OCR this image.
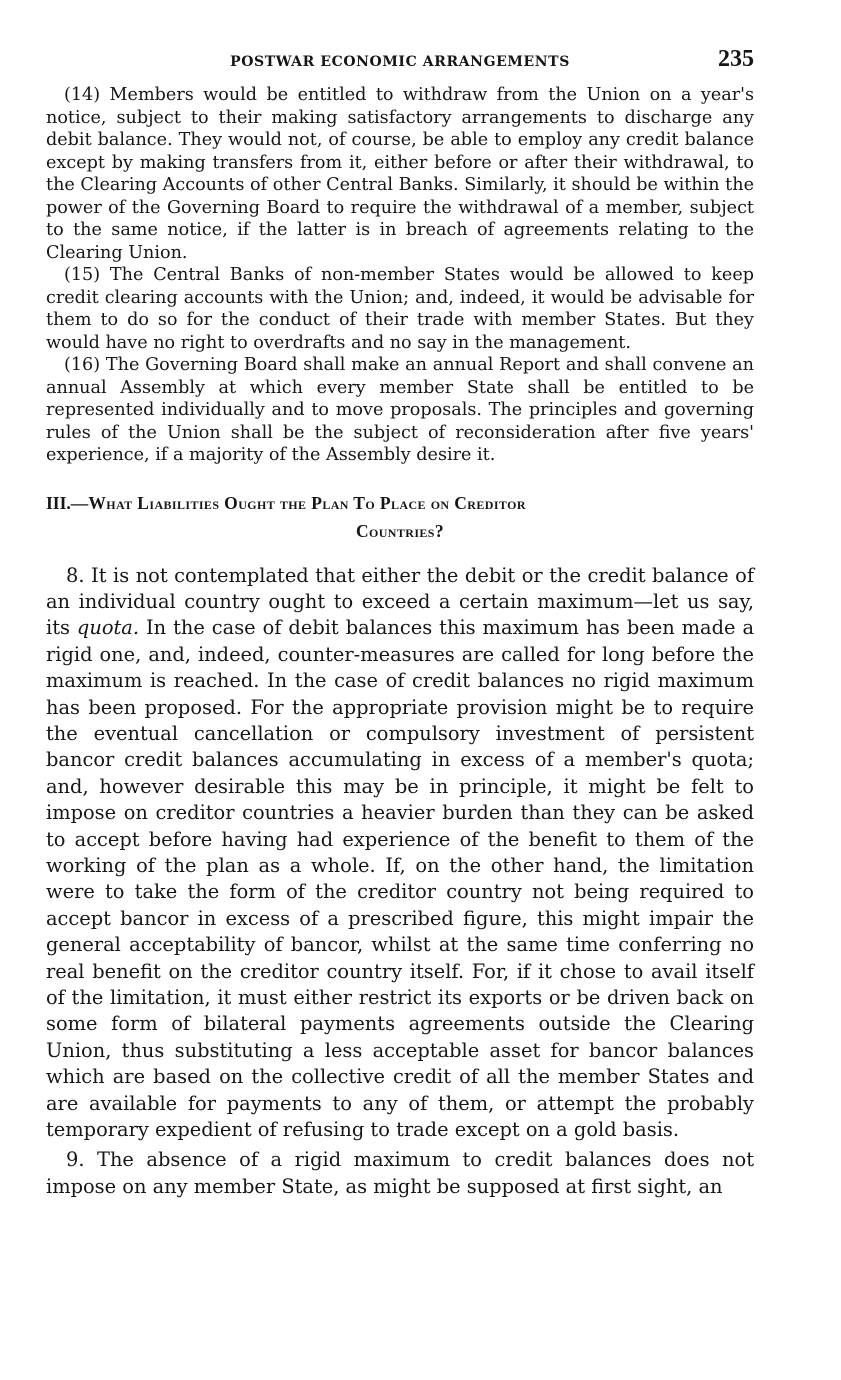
POSTWAR ECONOMIC ARRANGEMENTS	235

(14) Members would be entitled to withdraw from the Union on a year's notice, subject to their making satisfactory arrangements to discharge any debit balance. They would not, of course, be able to employ any credit balance except by making transfers from it, either before or after their withdrawal, to the Clearing Accounts of other Central Banks. Similarly, it should be within the power of the Governing Board to require the withdrawal of a member, subject to the same notice, if the latter is in breach of agreements relating to the Clearing Union.

(15) The Central Banks of non-member States would be allowed to keep credit clearing accounts with the Union; and, indeed, it would be advisable for them to do so for the conduct of their trade with member States. But they would have no right to overdrafts and no say in the management.

(16) The Governing Board shall make an annual Report and shall convene an annual Assembly at which every member State shall be entitled to be represented individually and to move proposals. The principles and governing rules of the Union shall be the subject of reconsideration after five years' experience, if a majority of the Assembly desire it.

III.—What Liabilities Ought the Plan To Place on Creditor
Countries?

8. It is not contemplated that either the debit or the credit balance of an individual country ought to exceed a certain maximum—let us say, its quota. In the case of debit balances this maximum has been made a rigid one, and, indeed, counter-measures are called for long before the maximum is reached. In the case of credit balances no rigid maximum has been proposed. For the appropriate provision might be to require the eventual cancellation or compulsory investment of persistent bancor credit balances accumulating in excess of a member's quota; and, however desirable this may be in principle, it might be felt to impose on creditor countries a heavier burden than they can be asked to accept before having had experience of the benefit to them of the working of the plan as a whole. If, on the other hand, the limitation were to take the form of the creditor country not being required to accept bancor in excess of a prescribed figure, this might impair the general acceptability of bancor, whilst at the same time conferring no real benefit on the creditor country itself. For, if it chose to avail itself of the limitation, it must either restrict its exports or be driven back on some form of bilateral payments agreements outside the Clearing Union, thus substituting a less acceptable asset for bancor balances which are based on the collective credit of all the member States and are available for payments to any of them, or attempt the probably temporary expedient of refusing to trade except on a gold basis.

9. The absence of a rigid maximum to credit balances does not impose on any member State, as might be supposed at first sight, an
